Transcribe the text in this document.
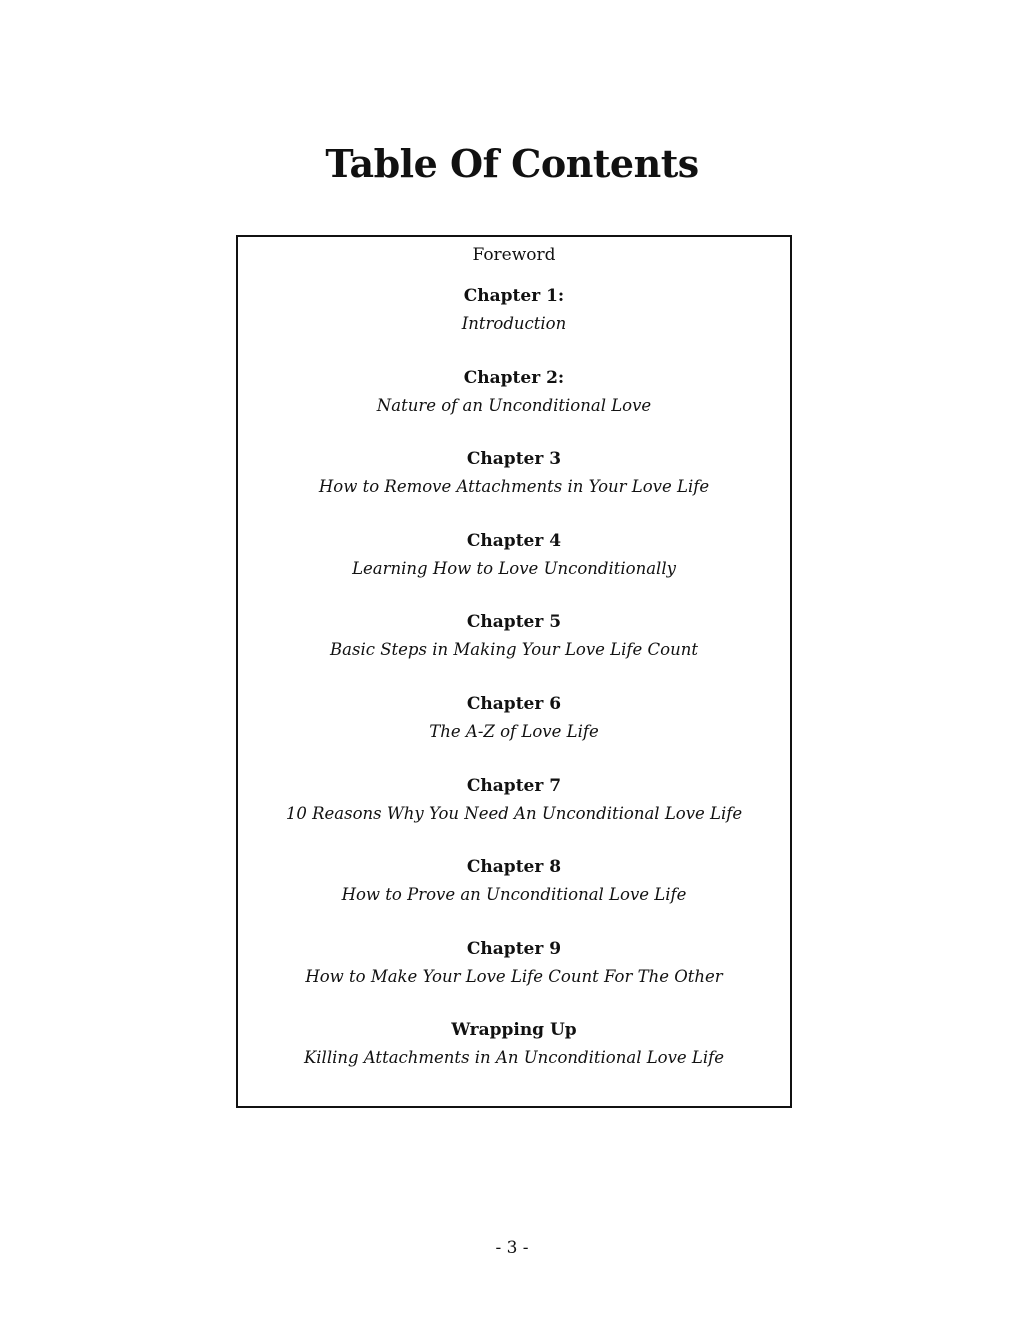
Table Of Contents
Foreword
Chapter 1:
Introduction
Chapter 2:
Nature of an Unconditional Love
Chapter 3
How to Remove Attachments in Your Love Life
Chapter 4
Learning How to Love Unconditionally
Chapter 5
Basic Steps in Making Your Love Life Count
Chapter 6
The A-Z of Love Life
Chapter 7
10 Reasons Why You Need An Unconditional Love Life
Chapter 8
How to Prove an Unconditional Love Life
Chapter 9
How to Make Your Love Life Count For The Other
Wrapping Up
Killing Attachments in An Unconditional Love Life
- 3 -
